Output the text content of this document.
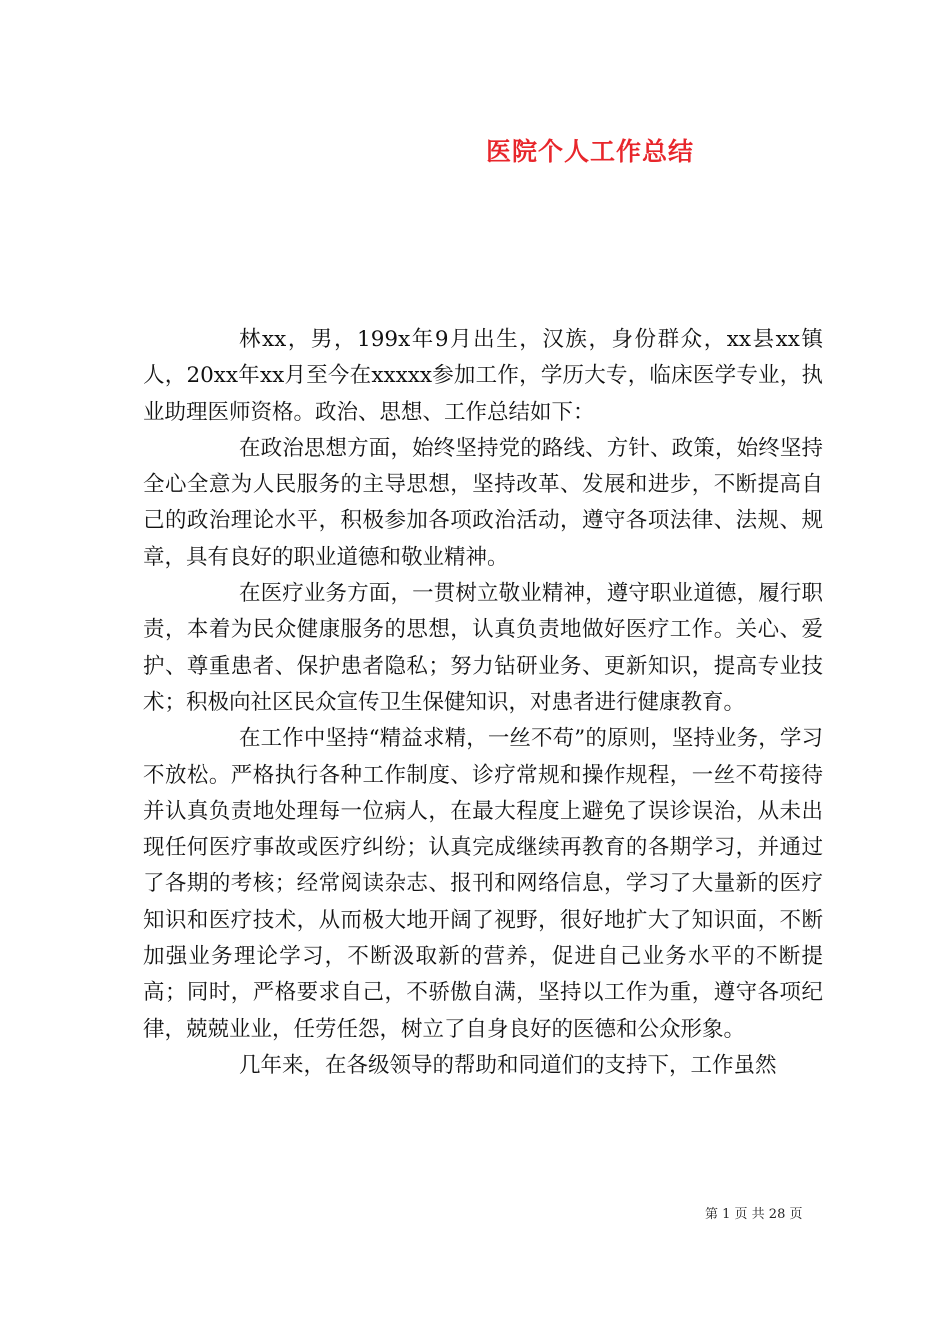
医院个人工作总结

林xx，男，199x年9月出生，汉族，身份群众，xx县xx镇人，20xx年xx月至今在xxxxx参加工作，学历大专，临床医学专业，执业助理医师资格。政治、思想、工作总结如下：

在政治思想方面，始终坚持党的路线、方针、政策，始终坚持全心全意为人民服务的主导思想，坚持改革、发展和进步，不断提高自己的政治理论水平，积极参加各项政治活动，遵守各项法律、法规、规章，具有良好的职业道德和敬业精神。

在医疗业务方面，一贯树立敬业精神，遵守职业道德，履行职责，本着为民众健康服务的思想，认真负责地做好医疗工作。关心、爱护、尊重患者、保护患者隐私；努力钻研业务、更新知识，提高专业技术；积极向社区民众宣传卫生保健知识，对患者进行健康教育。

在工作中坚持“精益求精，一丝不苟”的原则，坚持业务，学习不放松。严格执行各种工作制度、诊疗常规和操作规程，一丝不苟接待并认真负责地处理每一位病人，在最大程度上避免了误诊误治，从未出现任何医疗事故或医疗纠纷；认真完成继续再教育的各期学习，并通过了各期的考核；经常阅读杂志、报刊和网络信息，学习了大量新的医疗知识和医疗技术，从而极大地开阔了视野，很好地扩大了知识面，不断加强业务理论学习，不断汲取新的营养，促进自己业务水平的不断提高；同时，严格要求自己，不骄傲自满，坚持以工作为重，遵守各项纪律，兢兢业业，任劳任怨，树立了自身良好的医德和公众形象。

几年来，在各级领导的帮助和同道们的支持下，工作虽然

第 1 页 共 28 页
